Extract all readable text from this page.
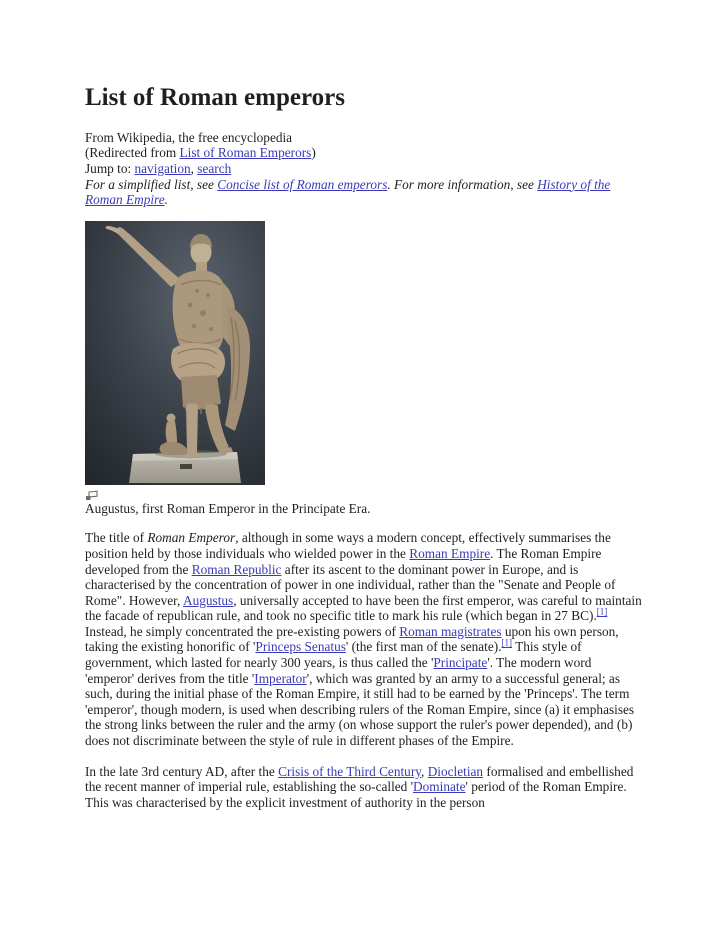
List of Roman emperors
From Wikipedia, the free encyclopedia
(Redirected from List of Roman Emperors)
Jump to: navigation, search
For a simplified list, see Concise list of Roman emperors. For more information, see History of the Roman Empire.
Augustus, first Roman Emperor in the Principate Era.

The title of Roman Emperor, although in some ways a modern concept, effectively summarises the position held by those individuals who wielded power in the Roman Empire. The Roman Empire developed from the Roman Republic after its ascent to the dominant power in Europe, and is characterised by the concentration of power in one individual, rather than the "Senate and People of Rome". However, Augustus, universally accepted to have been the first emperor, was careful to maintain the facade of republican rule, and took no specific title to mark his rule (which began in 27 BC).[1] Instead, he simply concentrated the pre-existing powers of Roman magistrates upon his own person, taking the existing honorific of 'Princeps Senatus' (the first man of the senate).[1] This style of government, which lasted for nearly 300 years, is thus called the 'Principate'. The modern word 'emperor' derives from the title 'Imperator', which was granted by an army to a successful general; as such, during the initial phase of the Roman Empire, it still had to be earned by the 'Princeps'. The term 'emperor', though modern, is used when describing rulers of the Roman Empire, since (a) it emphasises the strong links between the ruler and the army (on whose support the ruler's power depended), and (b) does not discriminate between the style of rule in different phases of the Empire.

In the late 3rd century AD, after the Crisis of the Third Century, Diocletian formalised and embellished the recent manner of imperial rule, establishing the so-called 'Dominate' period of the Roman Empire. This was characterised by the explicit investment of authority in the person
